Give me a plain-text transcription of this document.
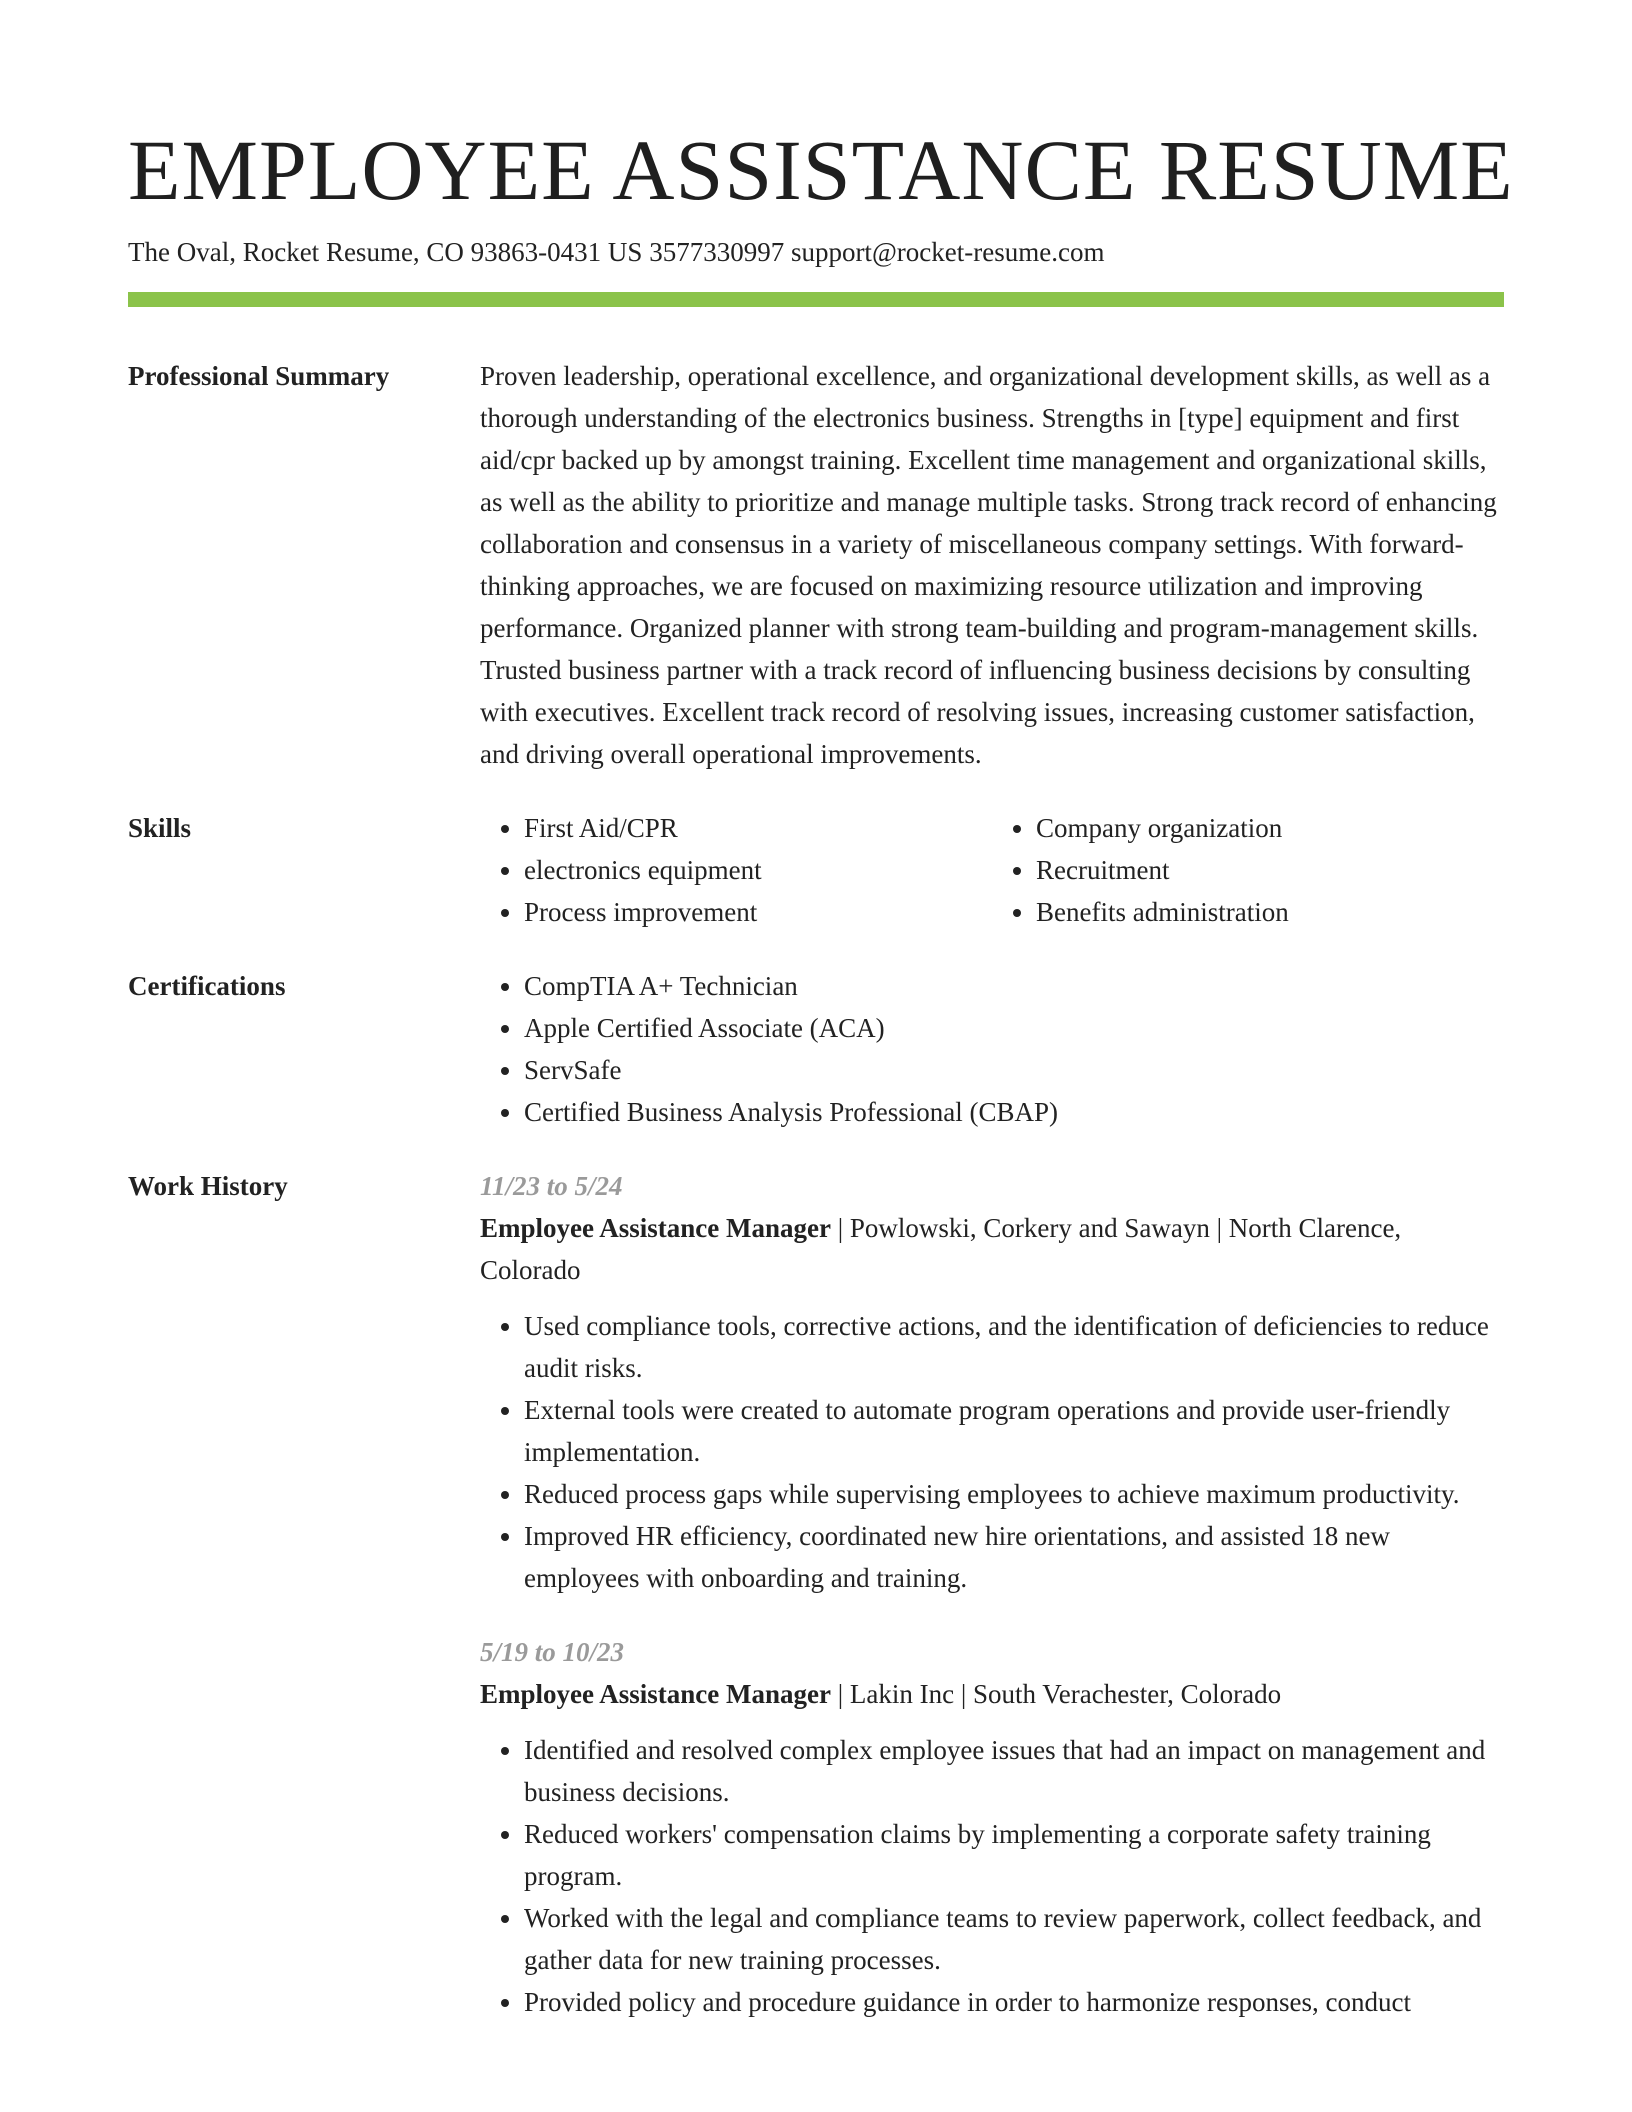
EMPLOYEE ASSISTANCE RESUME
The Oval, Rocket Resume, CO 93863-0431 US 3577330997 support@rocket-resume.com
Professional Summary	Proven leadership, operational excellence, and organizational development skills, as well as a thorough understanding of the electronics business. Strengths in [type] equipment and first aid/cpr backed up by amongst training. Excellent time management and organizational skills, as well as the ability to prioritize and manage multiple tasks. Strong track record of enhancing collaboration and consensus in a variety of miscellaneous company settings. With forward-thinking approaches, we are focused on maximizing resource utilization and improving performance. Organized planner with strong team-building and program-management skills. Trusted business partner with a track record of influencing business decisions by consulting with executives. Excellent track record of resolving issues, increasing customer satisfaction, and driving overall operational improvements.

Skills	• First Aid/CPR
• electronics equipment
• Process improvement
• Company organization
• Recruitment
• Benefits administration
Certifications	• CompTIA A+ Technician
• Apple Certified Associate (ACA)
• ServSafe
• Certified Business Analysis Professional (CBAP)
Work History	11/23 to 5/24
Employee Assistance Manager | Powlowski, Corkery and Sawayn | North Clarence, Colorado
• Used compliance tools, corrective actions, and the identification of deficiencies to reduce audit risks.
• External tools were created to automate program operations and provide user-friendly implementation.
• Reduced process gaps while supervising employees to achieve maximum productivity.
• Improved HR efficiency, coordinated new hire orientations, and assisted 18 new employees with onboarding and training.
5/19 to 10/23
Employee Assistance Manager | Lakin Inc | South Verachester, Colorado
• Identified and resolved complex employee issues that had an impact on management and business decisions.
• Reduced workers' compensation claims by implementing a corporate safety training program.
• Worked with the legal and compliance teams to review paperwork, collect feedback, and gather data for new training processes.
• Provided policy and procedure guidance in order to harmonize responses, conduct
